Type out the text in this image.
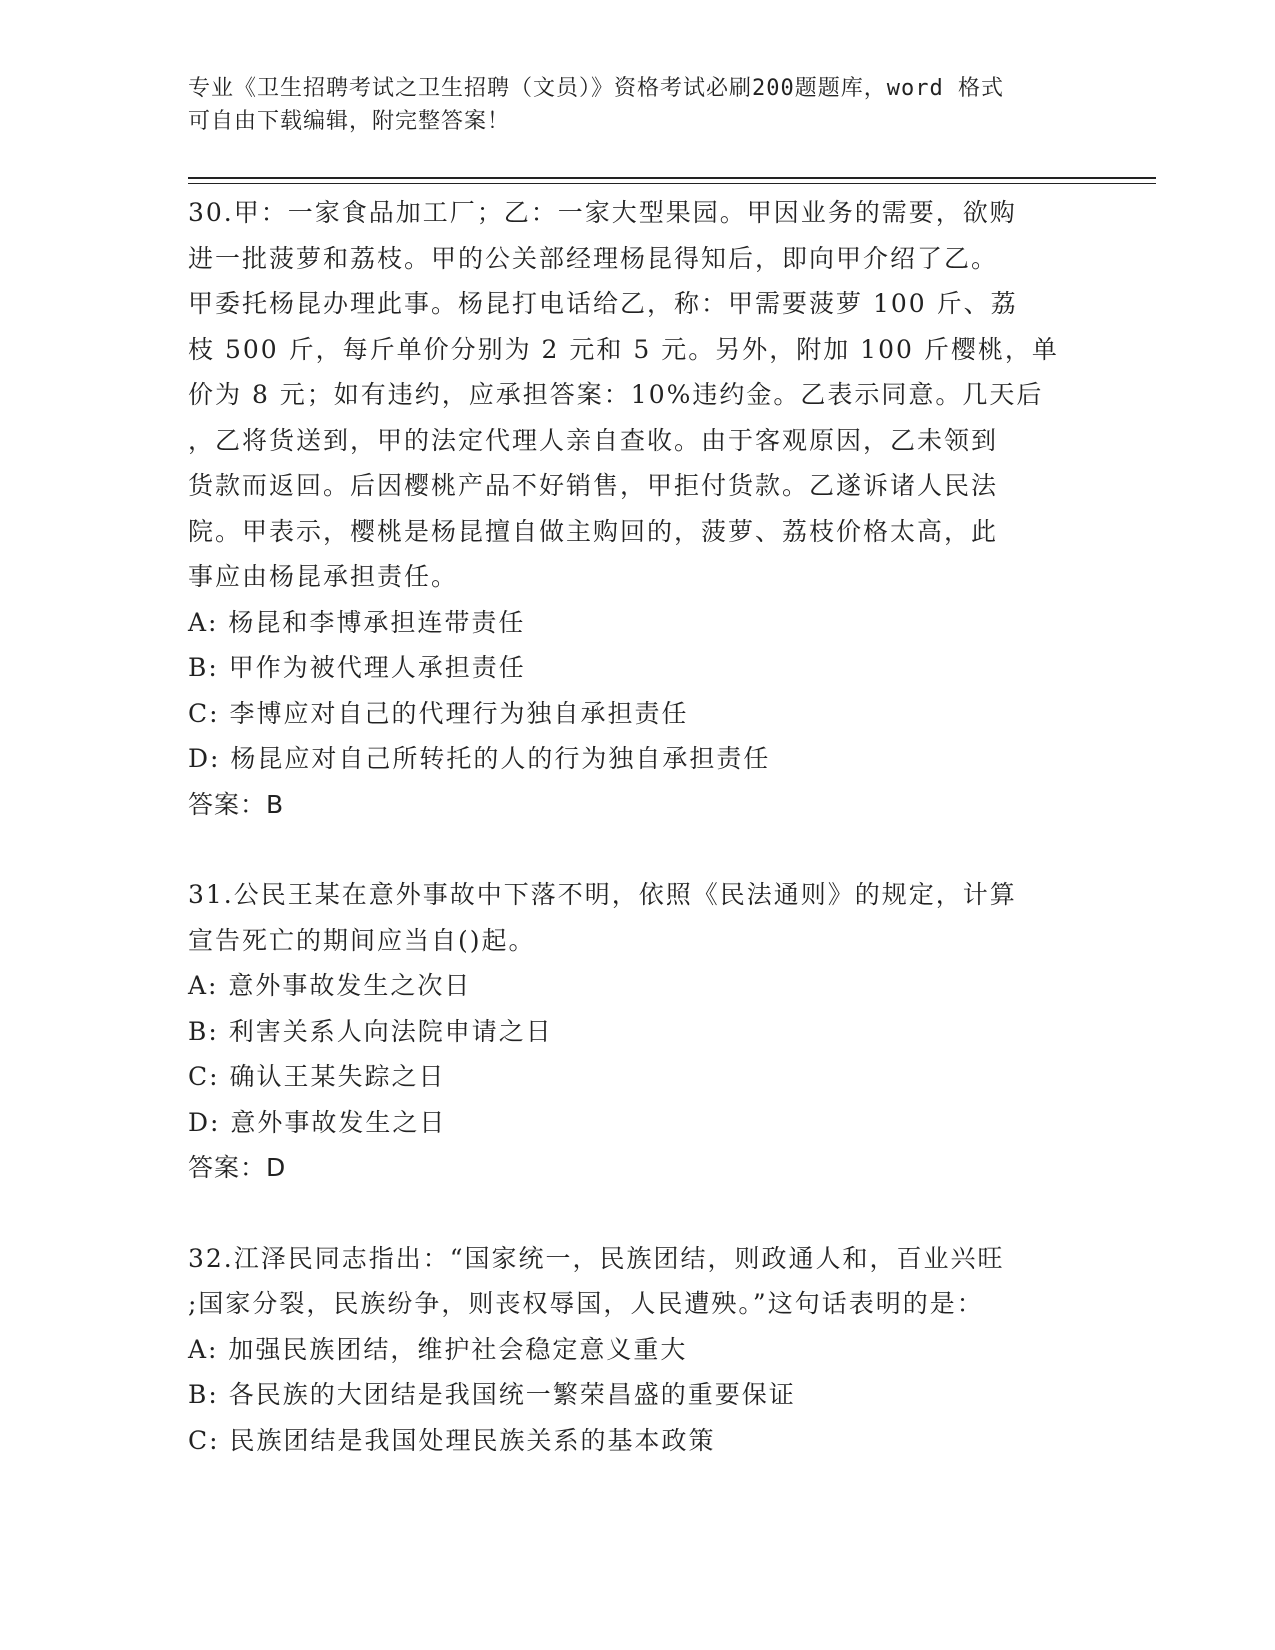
专业《卫生招聘考试之卫生招聘（文员）》资格考试必刷200题题库，word 格式
可自由下载编辑，附完整答案！
30.甲：一家食品加工厂；乙：一家大型果园。甲因业务的需要，欲购
进一批菠萝和荔枝。甲的公关部经理杨昆得知后，即向甲介绍了乙。
甲委托杨昆办理此事。杨昆打电话给乙，称：甲需要菠萝 100 斤、荔
枝 500 斤，每斤单价分别为 2 元和 5 元。另外，附加 100 斤樱桃，单
价为 8 元；如有违约，应承担答案：10%违约金。乙表示同意。几天后
，乙将货送到，甲的法定代理人亲自查收。由于客观原因，乙未领到
货款而返回。后因樱桃产品不好销售，甲拒付货款。乙遂诉诸人民法
院。甲表示，樱桃是杨昆擅自做主购回的，菠萝、荔枝价格太高，此
事应由杨昆承担责任。
A: 杨昆和李博承担连带责任
B: 甲作为被代理人承担责任
C: 李博应对自己的代理行为独自承担责任
D: 杨昆应对自己所转托的人的行为独自承担责任
答案：B
31.公民王某在意外事故中下落不明，依照《民法通则》的规定，计算
宣告死亡的期间应当自()起。
A: 意外事故发生之次日
B: 利害关系人向法院申请之日
C: 确认王某失踪之日
D: 意外事故发生之日
答案：D
32.江泽民同志指出：“国家统一，民族团结，则政通人和，百业兴旺
;国家分裂，民族纷争，则丧权辱国，人民遭殃。”这句话表明的是：
A: 加强民族团结，维护社会稳定意义重大
B: 各民族的大团结是我国统一繁荣昌盛的重要保证
C: 民族团结是我国处理民族关系的基本政策
